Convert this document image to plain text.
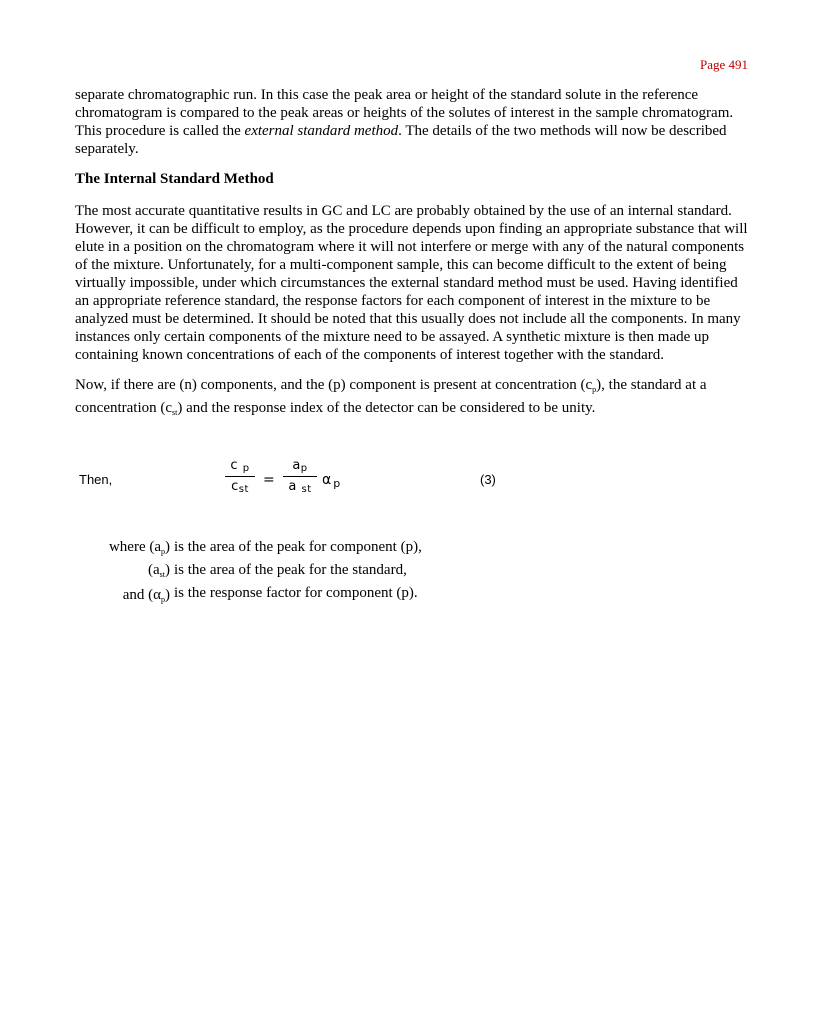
Page 491

separate chromatographic run. In this case the peak area or height of the standard solute in the reference chromatogram is compared to the peak areas or heights of the solutes of interest in the sample chromatogram. This procedure is called the external standard method. The details of the two methods will now be described separately.

The Internal Standard Method

The most accurate quantitative results in GC and LC are probably obtained by the use of an internal standard. However, it can be difficult to employ, as the procedure depends upon finding an appropriate substance that will elute in a position on the chromatogram where it will not interfere or merge with any of the natural components of the mixture. Unfortunately, for a multi-component sample, this can become difficult to the extent of being virtually impossible, under which circumstances the external standard method must be used. Having identified an appropriate reference standard, the response factors for each component of interest in the mixture to be analyzed must be determined. It should be noted that this usually does not include all the components. In many instances only certain components of the mixture need to be assayed. A synthetic mixture is then made up containing known concentrations of each of the components of interest together with the standard.

Now, if there are (n) components, and the (p) component is present at concentration $(c_p)$, the standard at a concentration $(c_{st})$ and the response index of the detector can be considered to be unity.

Then,
c $_p$
$c_{st}$
=
$a_p$
a $_{st}$
α $_p$	(3)
where $(a_p)$ is the area of the peak for component (p),
$(a_{st})$ is the area of the peak for the standard,
and $(\alpha_p)$ is the response factor for component (p).
